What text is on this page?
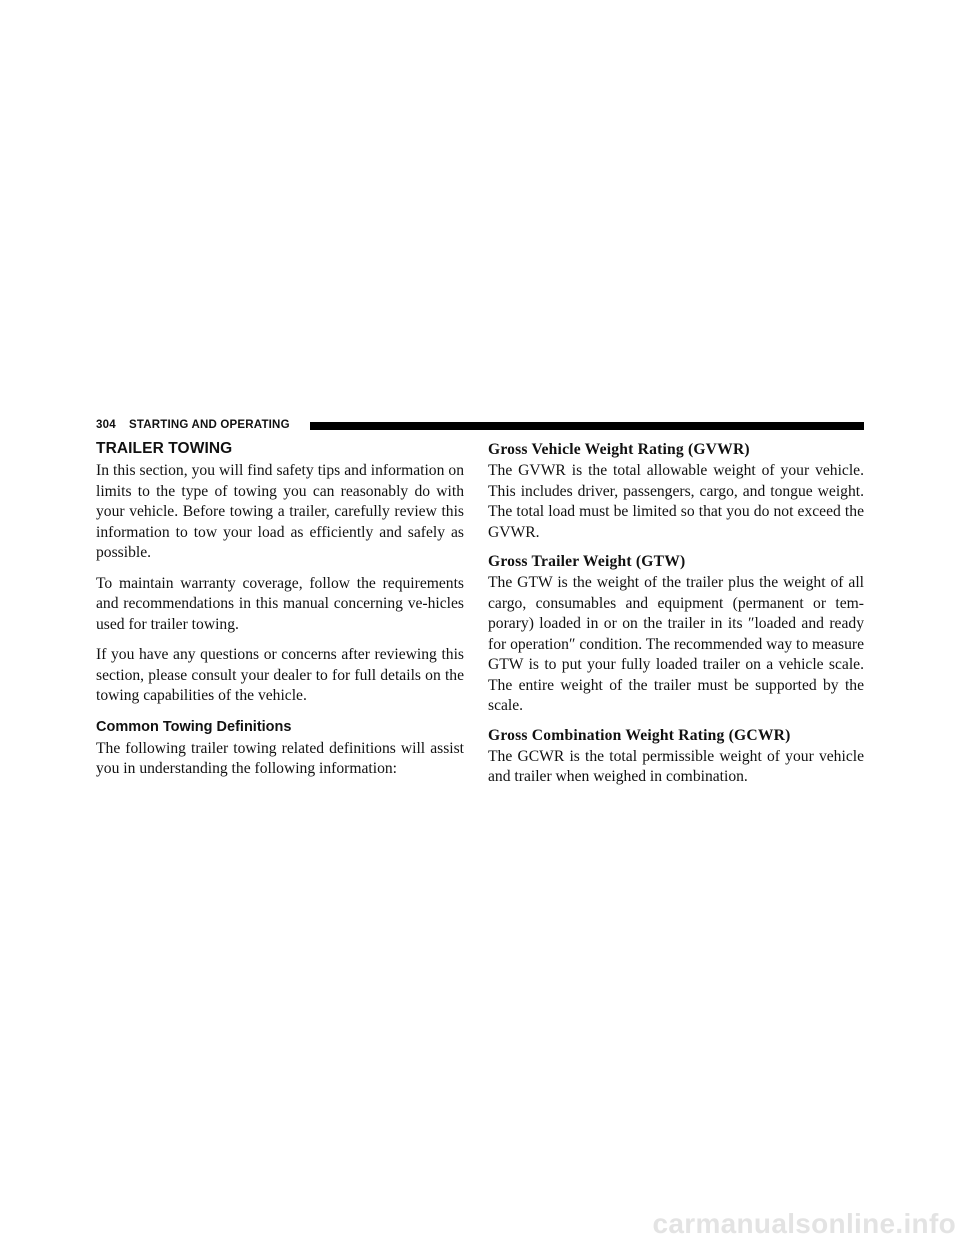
304 STARTING AND OPERATING
TRAILER TOWING

In this section, you will find safety tips and information on limits to the type of towing you can reasonably do with your vehicle. Before towing a trailer, carefully review this information to tow your load as efficiently and safely as possible.

To maintain warranty coverage, follow the requirements and recommendations in this manual concerning ve-hicles used for trailer towing.

If you have any questions or concerns after reviewing this section, please consult your dealer to for full details on the towing capabilities of the vehicle.

Common Towing Definitions

The following trailer towing related definitions will assist you in understanding the following information:

Gross Vehicle Weight Rating (GVWR)

The GVWR is the total allowable weight of your vehicle. This includes driver, passengers, cargo, and tongue weight. The total load must be limited so that you do not exceed the GVWR.

Gross Trailer Weight (GTW)

The GTW is the weight of the trailer plus the weight of all cargo, consumables and equipment (permanent or tem-porary) loaded in or on the trailer in its ″loaded and ready for operation″ condition. The recommended way to measure GTW is to put your fully loaded trailer on a vehicle scale. The entire weight of the trailer must be supported by the scale.

Gross Combination Weight Rating (GCWR)

The GCWR is the total permissible weight of your vehicle and trailer when weighed in combination.

carmanualsonline.info
